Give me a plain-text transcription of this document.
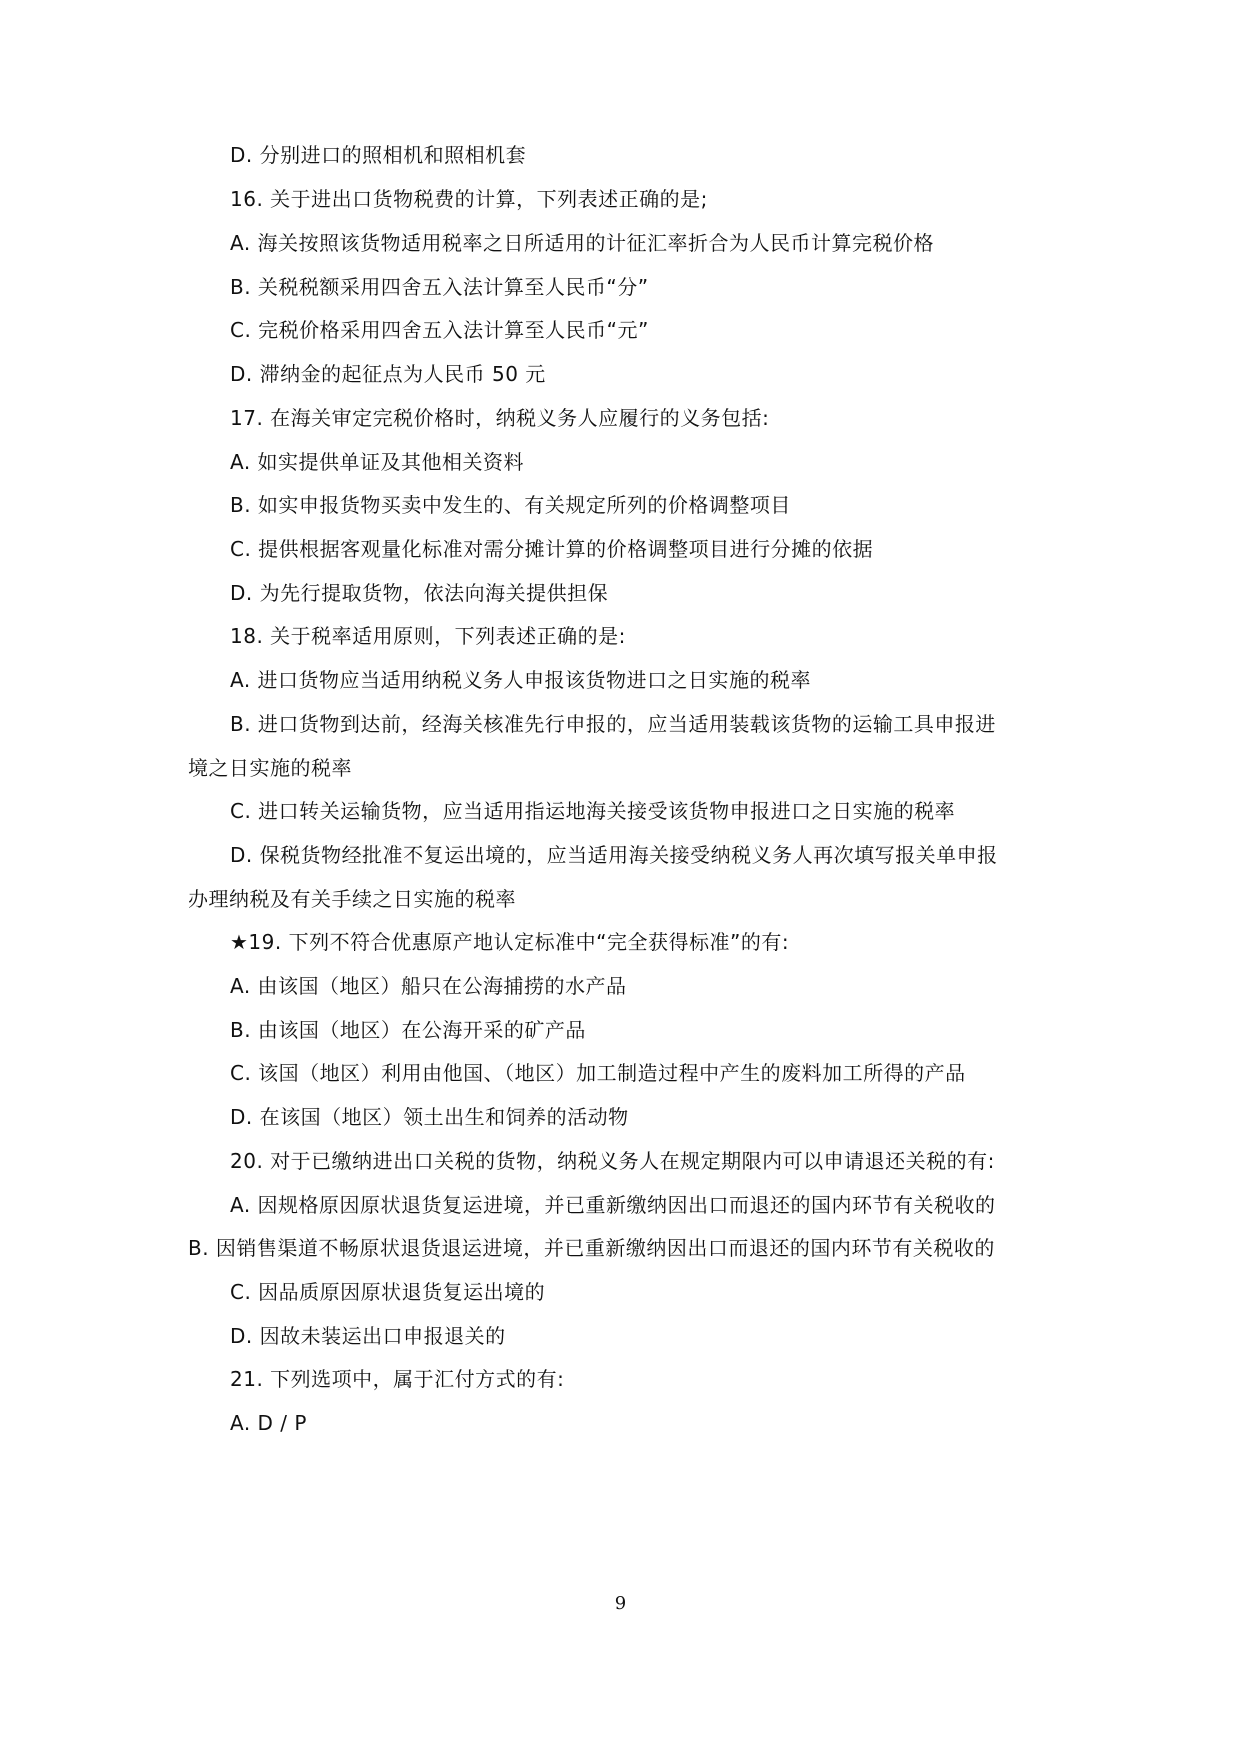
D. 分别进口的照相机和照相机套
16. 关于进出口货物税费的计算，下列表述正确的是;
A. 海关按照该货物适用税率之日所适用的计征汇率折合为人民币计算完税价格
B. 关税税额采用四舍五入法计算至人民币“分”
C. 完税价格采用四舍五入法计算至人民币“元”
D. 滞纳金的起征点为人民币 50 元
17. 在海关审定完税价格时，纳税义务人应履行的义务包括:
A. 如实提供单证及其他相关资料
B. 如实申报货物买卖中发生的、有关规定所列的价格调整项目
C. 提供根据客观量化标准对需分摊计算的价格调整项目进行分摊的依据
D. 为先行提取货物，依法向海关提供担保
18. 关于税率适用原则，下列表述正确的是:
A. 进口货物应当适用纳税义务人申报该货物进口之日实施的税率
B. 进口货物到达前，经海关核准先行申报的，应当适用装载该货物的运输工具申报进
境之日实施的税率
C. 进口转关运输货物，应当适用指运地海关接受该货物申报进口之日实施的税率
D. 保税货物经批准不复运出境的，应当适用海关接受纳税义务人再次填写报关单申报
办理纳税及有关手续之日实施的税率
★19. 下列不符合优惠原产地认定标准中“完全获得标准”的有:
A. 由该国（地区）船只在公海捕捞的水产品
B. 由该国（地区）在公海开采的矿产品
C. 该国（地区）利用由他国、（地区）加工制造过程中产生的废料加工所得的产品
D. 在该国（地区）领土出生和饲养的活动物
20. 对于已缴纳进出口关税的货物，纳税义务人在规定期限内可以申请退还关税的有:
A. 因规格原因原状退货复运进境，并已重新缴纳因出口而退还的国内环节有关税收的
B. 因销售渠道不畅原状退货退运进境，并已重新缴纳因出口而退还的国内环节有关税收的
C. 因品质原因原状退货复运出境的
D. 因故未装运出口申报退关的
21. 下列选项中，属于汇付方式的有:
A. D / P
9
